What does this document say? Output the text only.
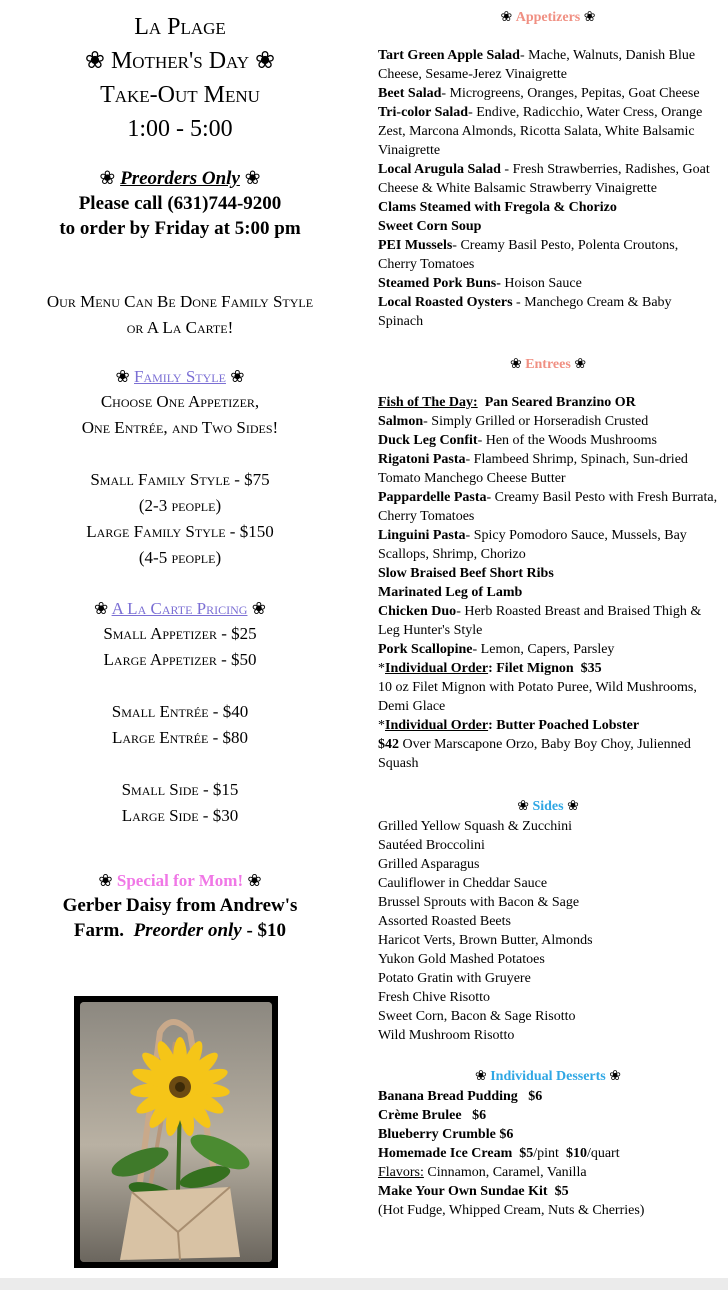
La Plage
❀ Mother's Day ❀
Take-Out Menu
1:00 - 5:00
❀ Preorders Only ❀
Please call (631)744-9200
to order by Friday at 5:00 pm
Our Menu Can Be Done Family Style
or A La Carte!
❀ Family Style ❀
Choose One Appetizer,
One Entrée, and Two Sides!
Small Family Style - $75
(2-3 people)
Large Family Style - $150
(4-5 people)
❀ A La Carte Pricing ❀
Small Appetizer - $25
Large Appetizer - $50
Small Entrée - $40
Large Entrée - $80
Small Side - $15
Large Side - $30
❀ Special for Mom! ❀
Gerber Daisy from Andrew's
Farm.  Preorder only - $10
❀ Appetizers ❀

Tart Green Apple Salad- Mache, Walnuts, Danish Blue Cheese, Sesame-Jerez Vinaigrette

Beet Salad- Microgreens, Oranges, Pepitas, Goat Cheese

Tri-color Salad- Endive, Radicchio, Water Cress, Orange Zest, Marcona Almonds, Ricotta Salata, White Balsamic Vinaigrette

Local Arugula Salad - Fresh Strawberries, Radishes, Goat Cheese & White Balsamic Strawberry Vinaigrette

Clams Steamed with Fregola & Chorizo

Sweet Corn Soup

PEI Mussels- Creamy Basil Pesto, Polenta Croutons, Cherry Tomatoes

Steamed Pork Buns- Hoison Sauce

Local Roasted Oysters - Manchego Cream & Baby Spinach

❀ Entrees ❀

Fish of The Day:  Pan Seared Branzino OR

Salmon- Simply Grilled or Horseradish Crusted

Duck Leg Confit- Hen of the Woods Mushrooms

Rigatoni Pasta- Flambeed Shrimp, Spinach, Sun-dried Tomato Manchego Cheese Butter

Pappardelle Pasta- Creamy Basil Pesto with Fresh Burrata, Cherry Tomatoes

Linguini Pasta- Spicy Pomodoro Sauce, Mussels, Bay Scallops, Shrimp, Chorizo

Slow Braised Beef Short Ribs

Marinated Leg of Lamb

Chicken Duo- Herb Roasted Breast and Braised Thigh & Leg Hunter's Style

Pork Scallopine- Lemon, Capers, Parsley

*Individual Order: Filet Mignon  $35

10 oz Filet Mignon with Potato Puree, Wild Mushrooms, Demi Glace

*Individual Order: Butter Poached Lobster

$42 Over Marscapone Orzo, Baby Boy Choy, Julienned Squash

❀ Sides ❀

Grilled Yellow Squash & Zucchini

Sautéed Broccolini

Grilled Asparagus

Cauliflower in Cheddar Sauce

Brussel Sprouts with Bacon & Sage

Assorted Roasted Beets

Haricot Verts, Brown Butter, Almonds

Yukon Gold Mashed Potatoes

Potato Gratin with Gruyere

Fresh Chive Risotto

Sweet Corn, Bacon & Sage Risotto

Wild Mushroom Risotto

❀ Individual Desserts ❀

Banana Bread Pudding   $6

Crème Brulee   $6

Blueberry Crumble $6

Homemade Ice Cream  $5/pint  $10/quart

Flavors: Cinnamon, Caramel, Vanilla

Make Your Own Sundae Kit  $5

(Hot Fudge, Whipped Cream, Nuts & Cherries)
